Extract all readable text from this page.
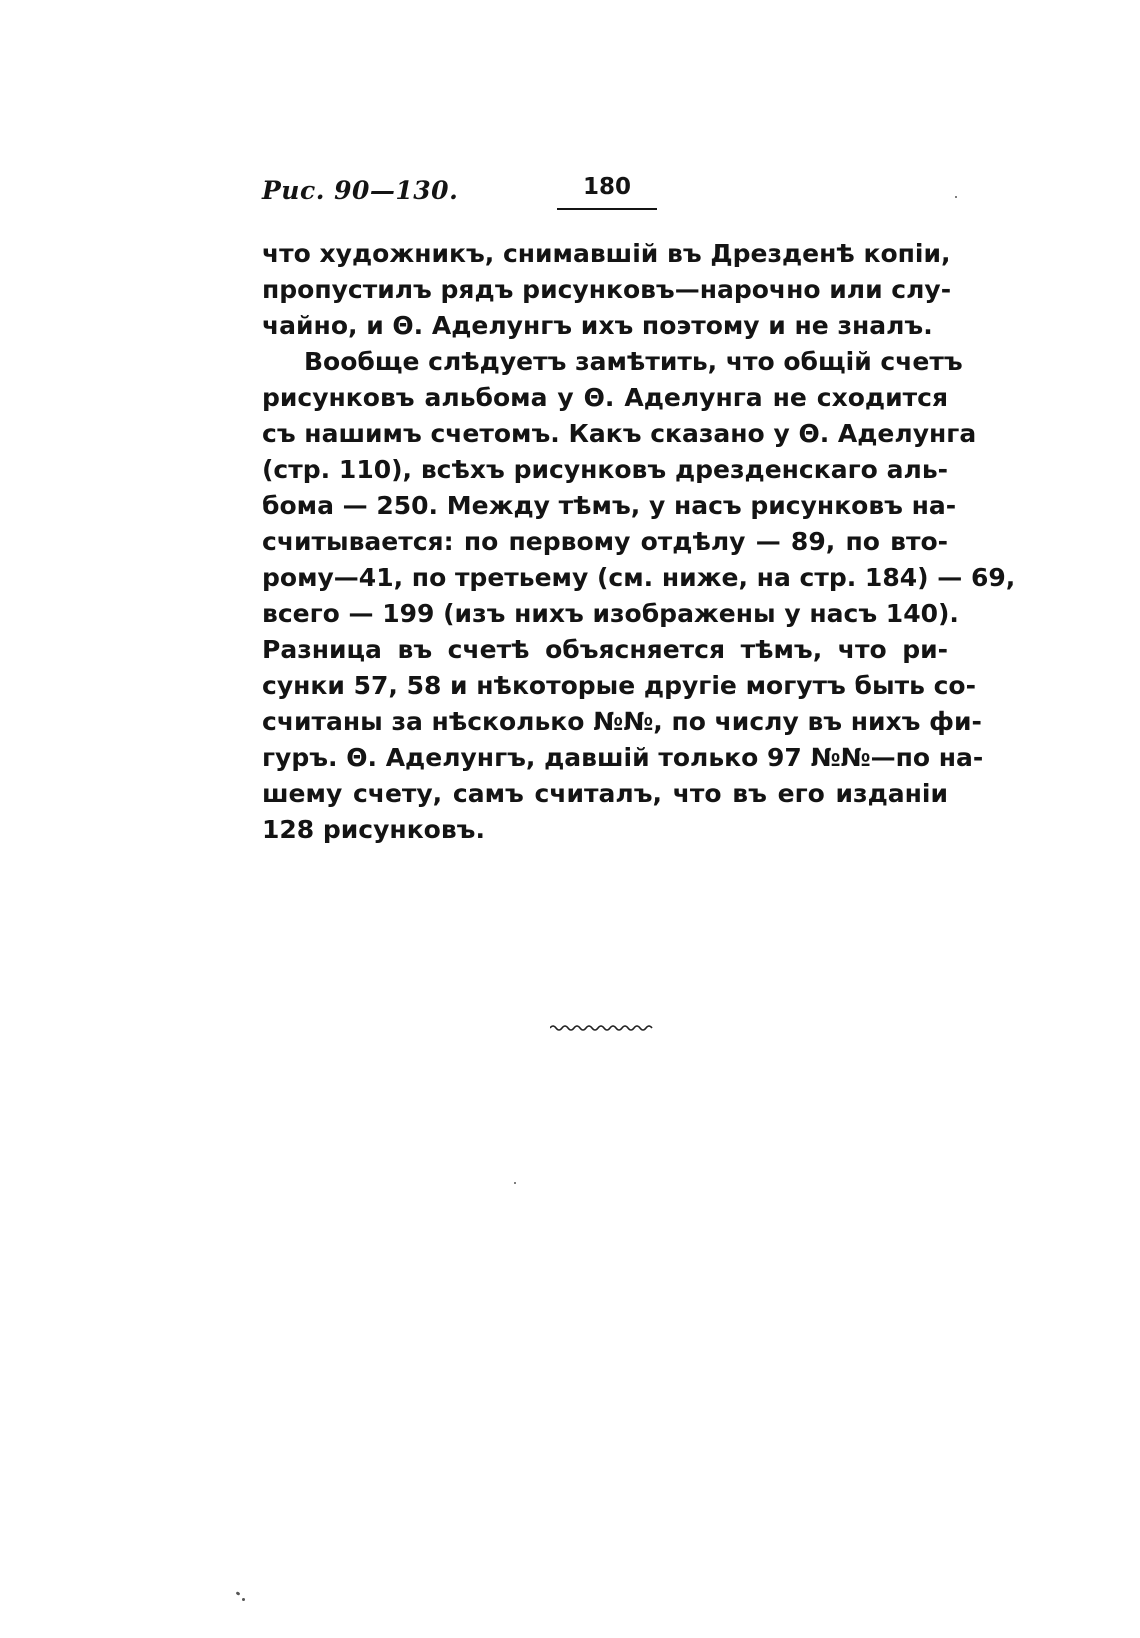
Рис. 90—130.	180
что художникъ, снимавшій въ Дрезденѣ копіи,
пропустилъ рядъ рисунковъ—нарочно или слу-
чайно, и Θ. Аделунгъ ихъ поэтому и не зналъ.
Вообще слѣдуетъ замѣтить, что общій счетъ
рисунковъ альбома у Θ. Аделунга не сходится
съ нашимъ счетомъ. Какъ сказано у Θ. Аделунга
(стр. 110), всѣхъ рисунковъ дрезденскаго аль-
бома — 250. Между тѣмъ, у насъ рисунковъ на-
считывается: по первому отдѣлу — 89, по вто-
рому—41, по третьему (см. ниже, на стр. 184) — 69,
всего — 199 (изъ нихъ изображены у насъ 140).
Разница въ счетѣ объясняется тѣмъ, что ри-
сунки 57, 58 и нѣкоторые другіе могутъ быть со-
считаны за нѣсколько №№, по числу въ нихъ фи-
гуръ. Θ. Аделунгъ, давшій только 97 №№—по на-
шему счету, самъ считалъ, что въ его изданіи
128 рисунковъ.
